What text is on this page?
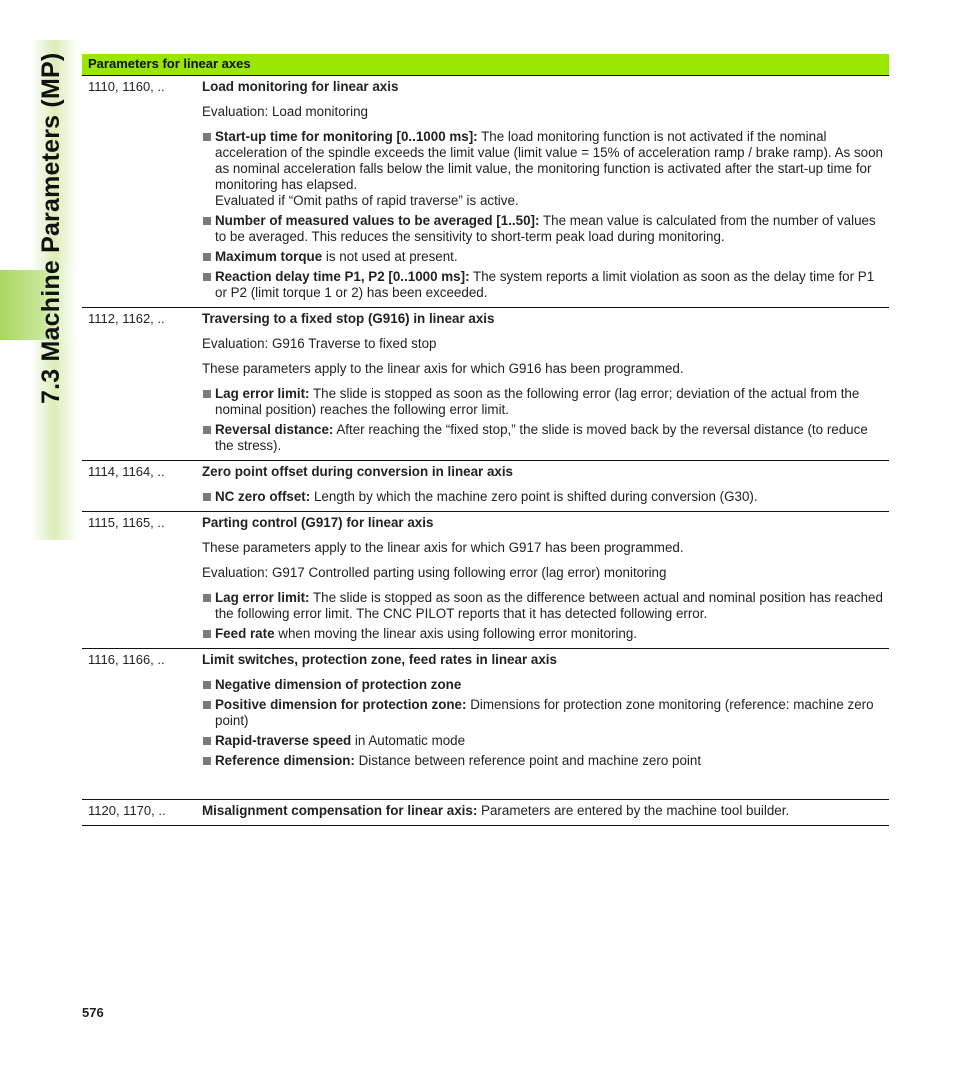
7.3 Machine Parameters (MP)	Parameters for linear axes
1110, 1160, ..	Load monitoring for linear axis

Evaluation: Load monitoring

Start-up time for monitoring [0..1000 ms]: The load monitoring function is not activated if the nominal acceleration of the spindle exceeds the limit value (limit value = 15% of acceleration ramp / brake ramp). As soon as nominal acceleration falls below the limit value, the monitoring function is activated after the start-up time for monitoring has elapsed.
Evaluated if “Omit paths of rapid traverse” is active.
Number of measured values to be averaged [1..50]: The mean value is calculated from the number of values to be averaged. This reduces the sensitivity to short-term peak load during monitoring.
Maximum torque is not used at present.
Reaction delay time P1, P2 [0..1000 ms]: The system reports a limit violation as soon as the delay time for P1 or P2 (limit torque 1 or 2) has been exceeded.
1112, 1162, ..	Traversing to a fixed stop (G916) in linear axis

Evaluation: G916 Traverse to fixed stop

These parameters apply to the linear axis for which G916 has been programmed.

Lag error limit: The slide is stopped as soon as the following error (lag error; deviation of the actual from the nominal position) reaches the following error limit.
Reversal distance: After reaching the “fixed stop,” the slide is moved back by the reversal distance (to reduce the stress).
1114, 1164, ..	Zero point offset during conversion in linear axis
NC zero offset: Length by which the machine zero point is shifted during conversion (G30).
1115, 1165, ..	Parting control (G917) for linear axis

These parameters apply to the linear axis for which G917 has been programmed.

Evaluation: G917 Controlled parting using following error (lag error) monitoring

Lag error limit: The slide is stopped as soon as the difference between actual and nominal position has reached the following error limit. The CNC PILOT reports that it has detected following error.
Feed rate when moving the linear axis using following error monitoring.
1116, 1166, ..	Limit switches, protection zone, feed rates in linear axis
Negative dimension of protection zone
Positive dimension for protection zone: Dimensions for protection zone monitoring (reference: machine zero point)
Rapid-traverse speed in Automatic mode
Reference dimension: Distance between reference point and machine zero point
1120, 1170, ..	Misalignment compensation for linear axis: Parameters are entered by the machine tool builder.
576
